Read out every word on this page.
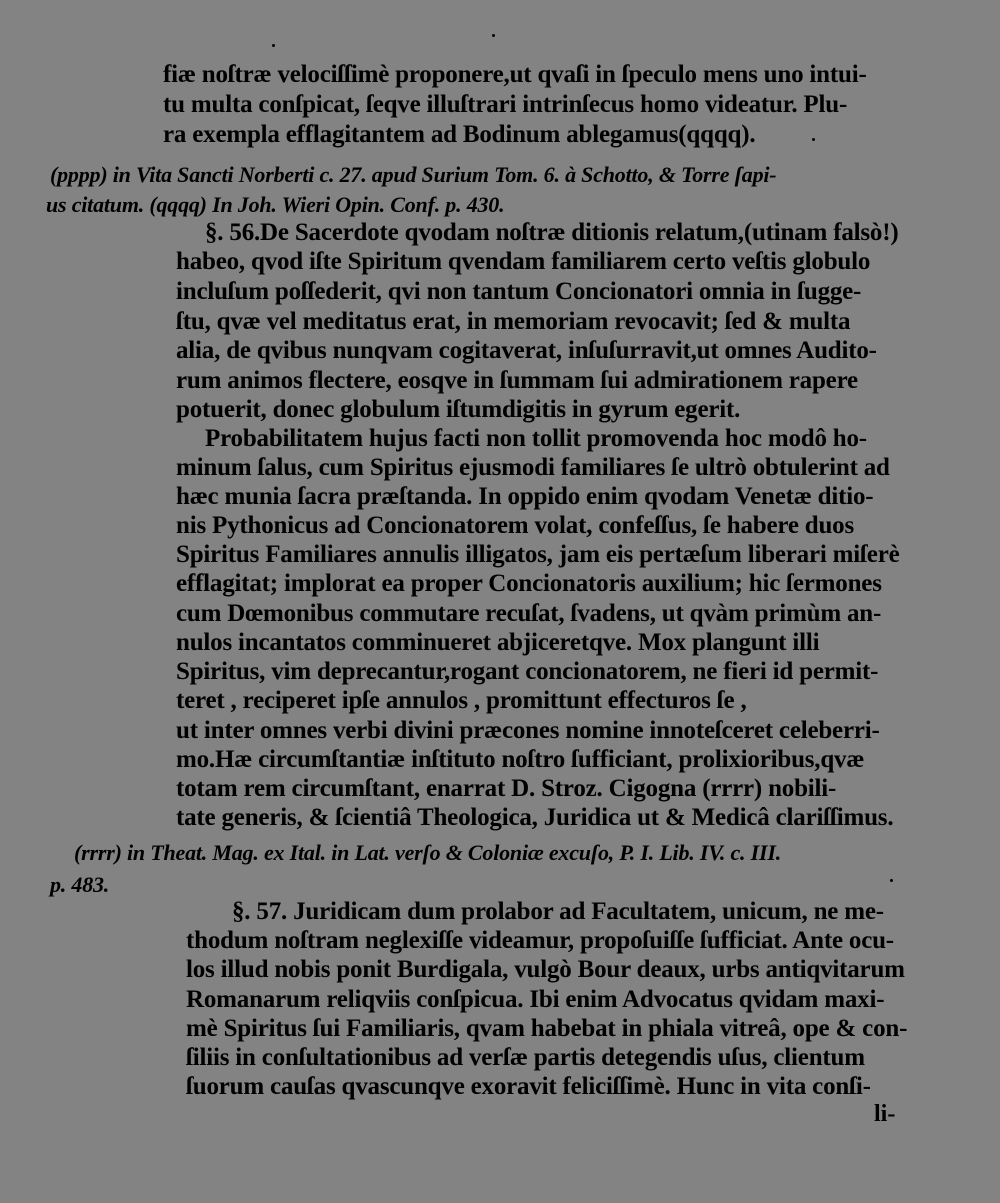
fiæ noſtræ velociſſimè proponere,ut qvaſi in ſpeculo mens uno intui-
tu multa conſpicat, ſeqve illuſtrari intrinſecus homo videatur. Plu-
ra exempla efflagitantem ad Bodinum ablegamus(qqqq).
(pppp) in Vita Sancti Norberti c. 27. apud Surium Tom. 6. à Schotto, & Torre ſapi-
us citatum. (qqqq) In Joh. Wieri Opin. Conf. p. 430.
§. 56.De Sacerdote qvodam noſtræ ditionis relatum,(utinam falsò!)
habeo, qvod iſte Spiritum qvendam familiarem certo veſtis globulo
incluſum poſſederit, qvi non tantum Concionatori omnia in ſugge-
ſtu, qvæ vel meditatus erat, in memoriam revocavit; ſed & multa
alia, de qvibus nunqvam cogitaverat, inſuſurravit,ut omnes Audito-
rum animos flectere, eosqve in ſummam ſui admirationem rapere
potuerit, donec globulum iſtumdigitis in gyrum egerit.
Probabilitatem hujus facti non tollit promovenda hoc modô ho-
minum ſalus, cum Spiritus ejusmodi familiares ſe ultrò obtulerint ad
hæc munia ſacra præſtanda. In oppido enim qvodam Venetæ ditio-
nis Pythonicus ad Concionatorem volat, confeſſus, ſe habere duos
Spiritus Familiares annulis illigatos, jam eis pertæſum liberari miſerè
efflagitat; implorat ea proper Concionatoris auxilium; hic ſermones
cum Dœmonibus commutare recuſat, ſvadens, ut qvàm primùm an-
nulos incantatos comminueret abjiceretqve. Mox plangunt illi
Spiritus, vim deprecantur,rogant concionatorem, ne fieri id permit-
teret , reciperet ipſe annulos , promittunt effecturos ſe ,
ut inter omnes verbi divini præcones nomine innoteſceret celeberri-
mo.Hæ circumſtantiæ inſtituto noſtro ſufficiant, prolixioribus,qvæ
totam rem circumſtant, enarrat D. Stroz. Cigogna (rrrr) nobili-
tate generis, & ſcientiâ Theologica, Juridica ut & Medicâ clariſſimus.
(rrrr) in Theat. Mag. ex Ital. in Lat. verſo & Coloniæ excuſo, P. I. Lib. IV. c. III.
p. 483.
§. 57. Juridicam dum prolabor ad Facultatem, unicum, ne me-
thodum noſtram neglexiſſe videamur, propoſuiſſe ſufficiat. Ante ocu-
los illud nobis ponit Burdigala, vulgò Bour deaux, urbs antiqvitarum
Romanarum reliqviis conſpicua. Ibi enim Advocatus qvidam maxi-
mè Spiritus ſui Familiaris, qvam habebat in phiala vitreâ, ope & con-
ſiliis in conſultationibus ad verſæ partis detegendis uſus, clientum
ſuorum cauſas qvascunqve exoravit feliciſſimè. Hunc in vita conſi-
li-
